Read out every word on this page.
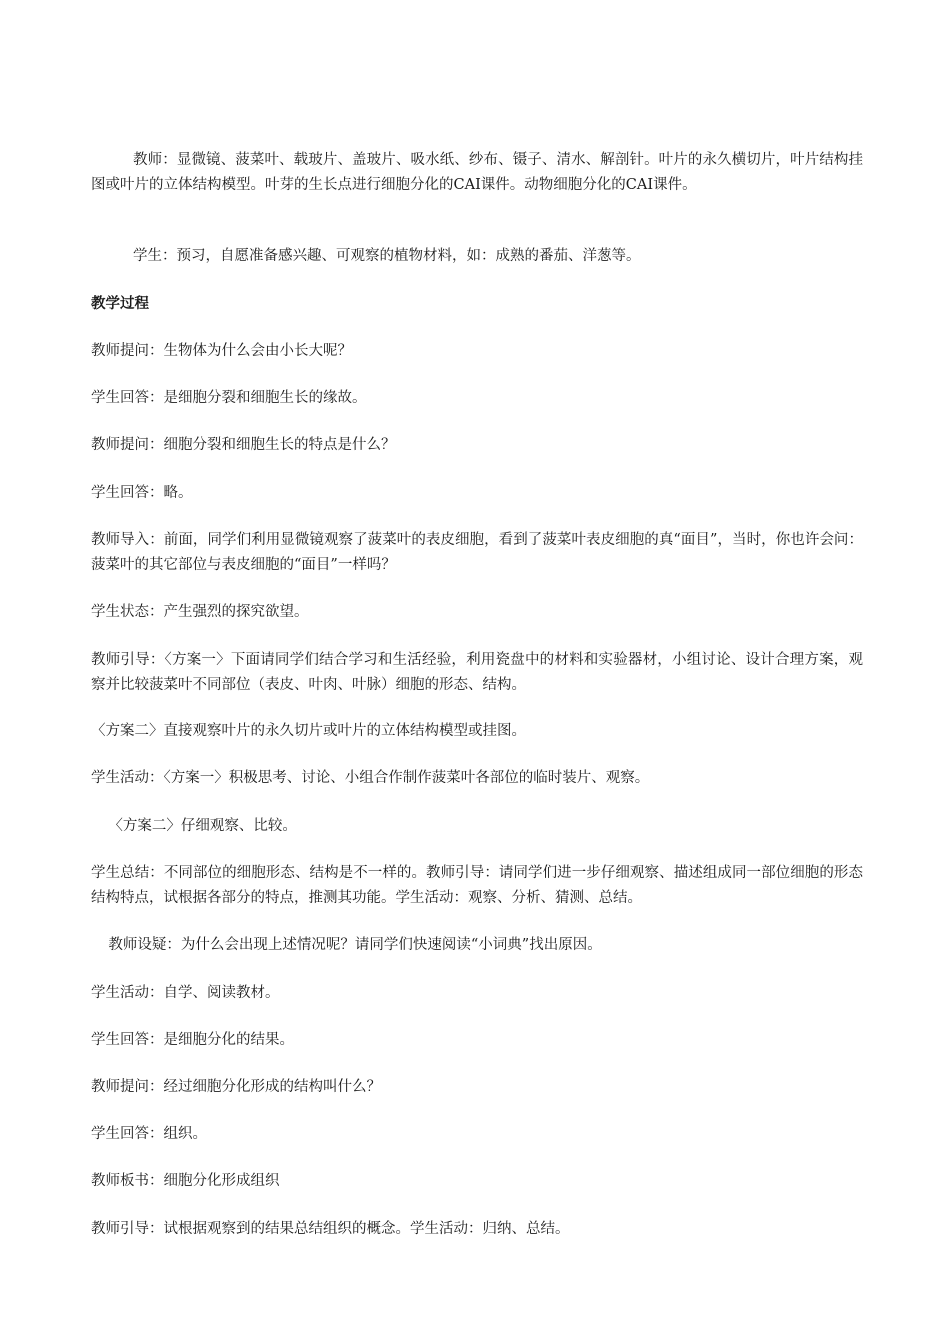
教师：显微镜、菠菜叶、载玻片、盖玻片、吸水纸、纱布、镊子、清水、解剖针。叶片的永久横切片，叶片结构挂图或叶片的立体结构模型。叶芽的生长点进行细胞分化的CAI课件。动物细胞分化的CAI课件。

学生：预习，自愿准备感兴趣、可观察的植物材料，如：成熟的番茄、洋葱等。

教学过程

教师提问：生物体为什么会由小长大呢？

学生回答：是细胞分裂和细胞生长的缘故。

教师提问：细胞分裂和细胞生长的特点是什么？

学生回答：略。

教师导入：前面，同学们利用显微镜观察了菠菜叶的表皮细胞，看到了菠菜叶表皮细胞的真“面目”，当时，你也许会问：菠菜叶的其它部位与表皮细胞的“面目”一样吗？

学生状态：产生强烈的探究欲望。

教师引导：〈方案一〉下面请同学们结合学习和生活经验，利用瓷盘中的材料和实验器材，小组讨论、设计合理方案，观察并比较菠菜叶不同部位（表皮、叶肉、叶脉）细胞的形态、结构。

〈方案二〉直接观察叶片的永久切片或叶片的立体结构模型或挂图。

学生活动：〈方案一〉积极思考、讨论、小组合作制作菠菜叶各部位的临时装片、观察。

〈方案二〉仔细观察、比较。

学生总结：不同部位的细胞形态、结构是不一样的。教师引导：请同学们进一步仔细观察、描述组成同一部位细胞的形态结构特点，试根据各部分的特点，推测其功能。学生活动：观察、分析、猜测、总结。

教师设疑：为什么会出现上述情况呢？请同学们快速阅读“小词典”找出原因。

学生活动：自学、阅读教材。

学生回答：是细胞分化的结果。

教师提问：经过细胞分化形成的结构叫什么？

学生回答：组织。

教师板书：细胞分化形成组织

教师引导：试根据观察到的结果总结组织的概念。学生活动：归纳、总结。
